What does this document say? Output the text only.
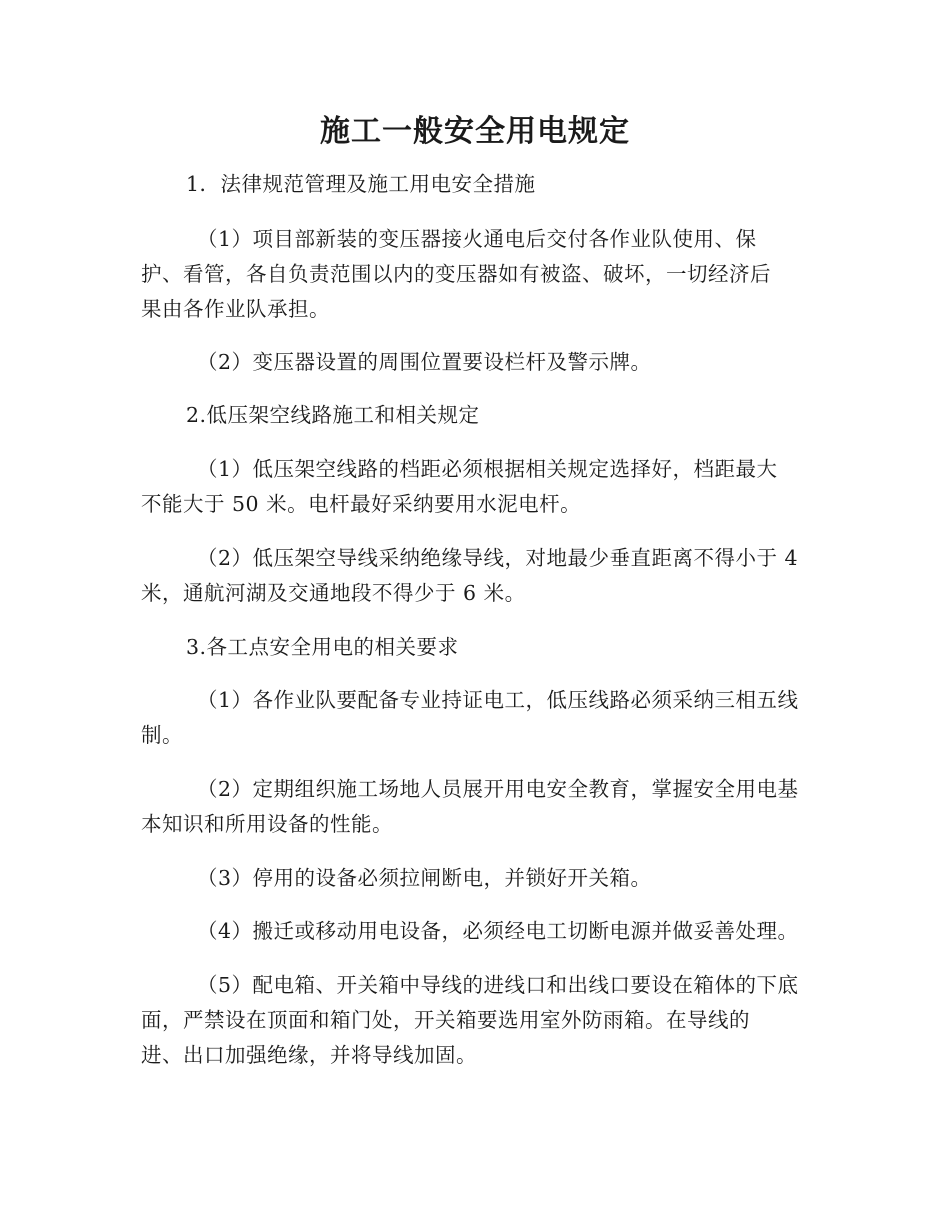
施工一般安全用电规定
1．法律规范管理及施工用电安全措施
（1）项目部新装的变压器接火通电后交付各作业队使用、保
护、看管，各自负责范围以内的变压器如有被盗、破坏，一切经济后
果由各作业队承担。
（2）变压器设置的周围位置要设栏杆及警示牌。
2.低压架空线路施工和相关规定
（1）低压架空线路的档距必须根据相关规定选择好，档距最大
不能大于 50 米。电杆最好采纳要用水泥电杆。
（2）低压架空导线采纳绝缘导线，对地最少垂直距离不得小于 4
米，通航河湖及交通地段不得少于 6 米。
3.各工点安全用电的相关要求
（1）各作业队要配备专业持证电工，低压线路必须采纳三相五线
制。
（2）定期组织施工场地人员展开用电安全教育，掌握安全用电基
本知识和所用设备的性能。
（3）停用的设备必须拉闸断电，并锁好开关箱。
（4）搬迁或移动用电设备，必须经电工切断电源并做妥善处理。
（5）配电箱、开关箱中导线的进线口和出线口要设在箱体的下底
面，严禁设在顶面和箱门处，开关箱要选用室外防雨箱。在导线的
进、出口加强绝缘，并将导线加固。
